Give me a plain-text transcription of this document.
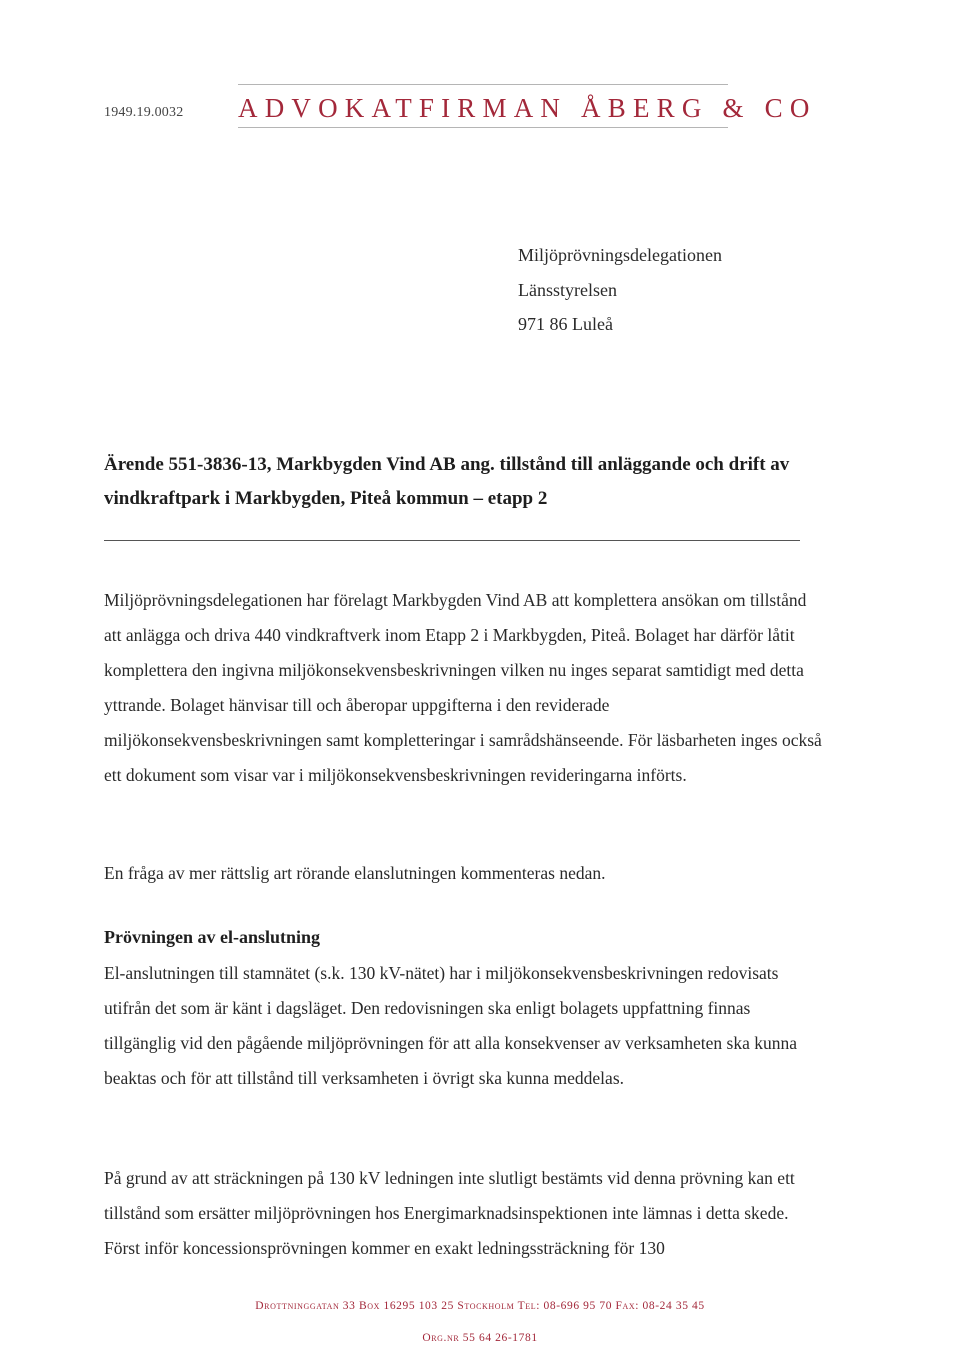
1949.19.0032 ADVOKATFIRMAN ÅBERG & CO
Miljöprövningsdelegationen
Länsstyrelsen
971 86 Luleå
Ärende 551-3836-13, Markbygden Vind AB ang. tillstånd till anläggande och drift av vindkraftpark i Markbygden, Piteå kommun – etapp 2
Miljöprövningsdelegationen har förelagt Markbygden Vind AB att komplettera ansökan om tillstånd att anlägga och driva 440 vindkraftverk inom Etapp 2 i Markbygden, Piteå. Bolaget har därför låtit komplettera den ingivna miljökonsekvensbeskrivningen vilken nu inges separat samtidigt med detta yttrande. Bolaget hänvisar till och åberopar uppgifterna i den reviderade miljökonsekvensbeskrivningen samt kompletteringar i samrådshänseende. För läsbarheten inges också ett dokument som visar var i miljökonsekvensbeskrivningen revideringarna införts.
En fråga av mer rättslig art rörande elanslutningen kommenteras nedan.
Prövningen av el-anslutning
El-anslutningen till stamnätet (s.k. 130 kV-nätet) har i miljökonsekvensbeskrivningen redovisats utifrån det som är känt i dagsläget. Den redovisningen ska enligt bolagets uppfattning finnas tillgänglig vid den pågående miljöprövningen för att alla konsekvenser av verksamheten ska kunna beaktas och för att tillstånd till verksamheten i övrigt ska kunna meddelas.
På grund av att sträckningen på 130 kV ledningen inte slutligt bestämts vid denna prövning kan ett tillstånd som ersätter miljöprövningen hos Energimarknadsinspektionen inte lämnas i detta skede. Först inför koncessionsprövningen kommer en exakt ledningssträckning för 130
Drottninggatan 33 Box 16295 103 25 Stockholm Tel: 08-696 95 70 Fax: 08-24 35 45
Org.nr 55 64 26-1781
